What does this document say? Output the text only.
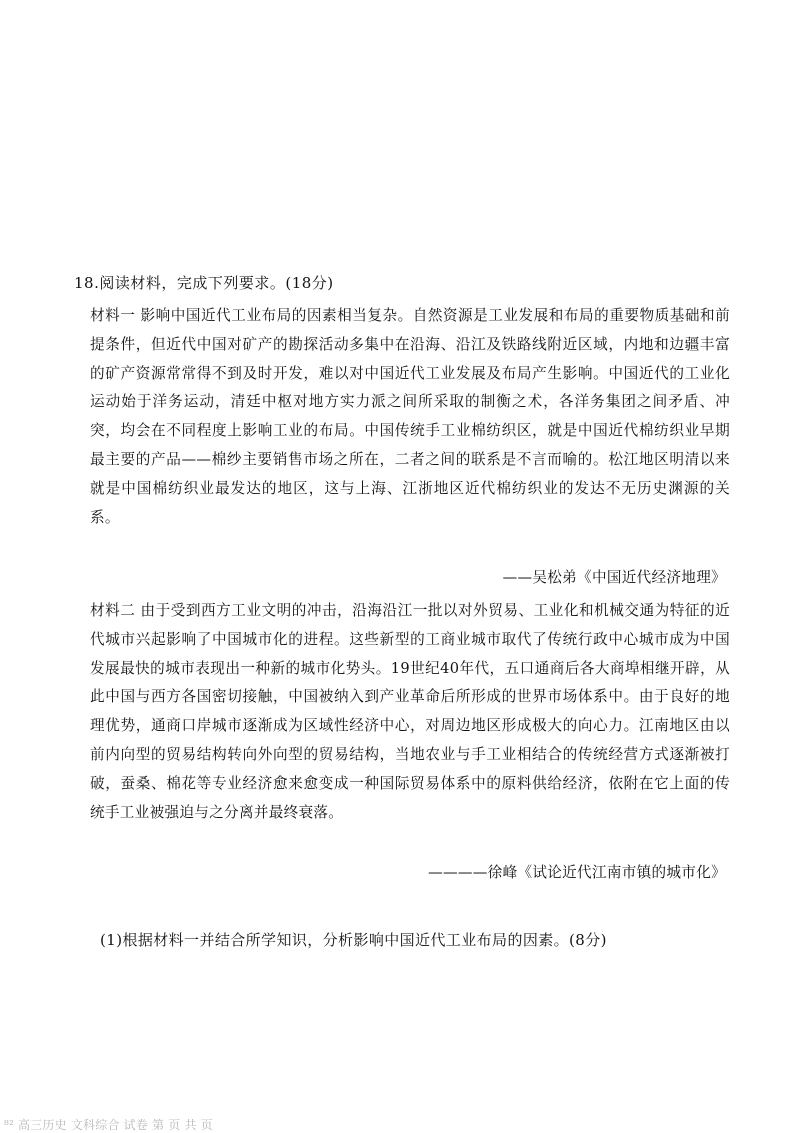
18.阅读材料，完成下列要求。(18分)
材料一 影响中国近代工业布局的因素相当复杂。自然资源是工业发展和布局的重要物质基础和前提条件，但近代中国对矿产的勘探活动多集中在沿海、沿江及铁路线附近区域，内地和边疆丰富的矿产资源常常得不到及时开发，难以对中国近代工业发展及布局产生影响。中国近代的工业化运动始于洋务运动，清廷中枢对地方实力派之间所采取的制衡之术，各洋务集团之间矛盾、冲突，均会在不同程度上影响工业的布局。中国传统手工业棉纺织区，就是中国近代棉纺织业早期最主要的产品——棉纱主要销售市场之所在，二者之间的联系是不言而喻的。松江地区明清以来就是中国棉纺织业最发达的地区，这与上海、江浙地区近代棉纺织业的发达不无历史渊源的关系。
——吴松弟《中国近代经济地理》
材料二 由于受到西方工业文明的冲击，沿海沿江一批以对外贸易、工业化和机械交通为特征的近代城市兴起影响了中国城市化的进程。这些新型的工商业城市取代了传统行政中心城市成为中国发展最快的城市表现出一种新的城市化势头。19世纪40年代，五口通商后各大商埠相继开辟，从此中国与西方各国密切接触，中国被纳入到产业革命后所形成的世界市场体系中。由于良好的地理优势，通商口岸城市逐渐成为区域性经济中心，对周边地区形成极大的向心力。江南地区由以前内向型的贸易结构转向外向型的贸易结构，当地农业与手工业相结合的传统经营方式逐渐被打破，蚕桑、棉花等专业经济愈来愈变成一种国际贸易体系中的原料供给经济，依附在它上面的传统手工业被强迫与之分离并最终衰落。
————徐峰《试论近代江南市镇的城市化》
(1)根据材料一并结合所学知识，分析影响中国近代工业布局的因素。(8分)
⁸² 高三历史 文科综合 试卷 第 页 共 页
